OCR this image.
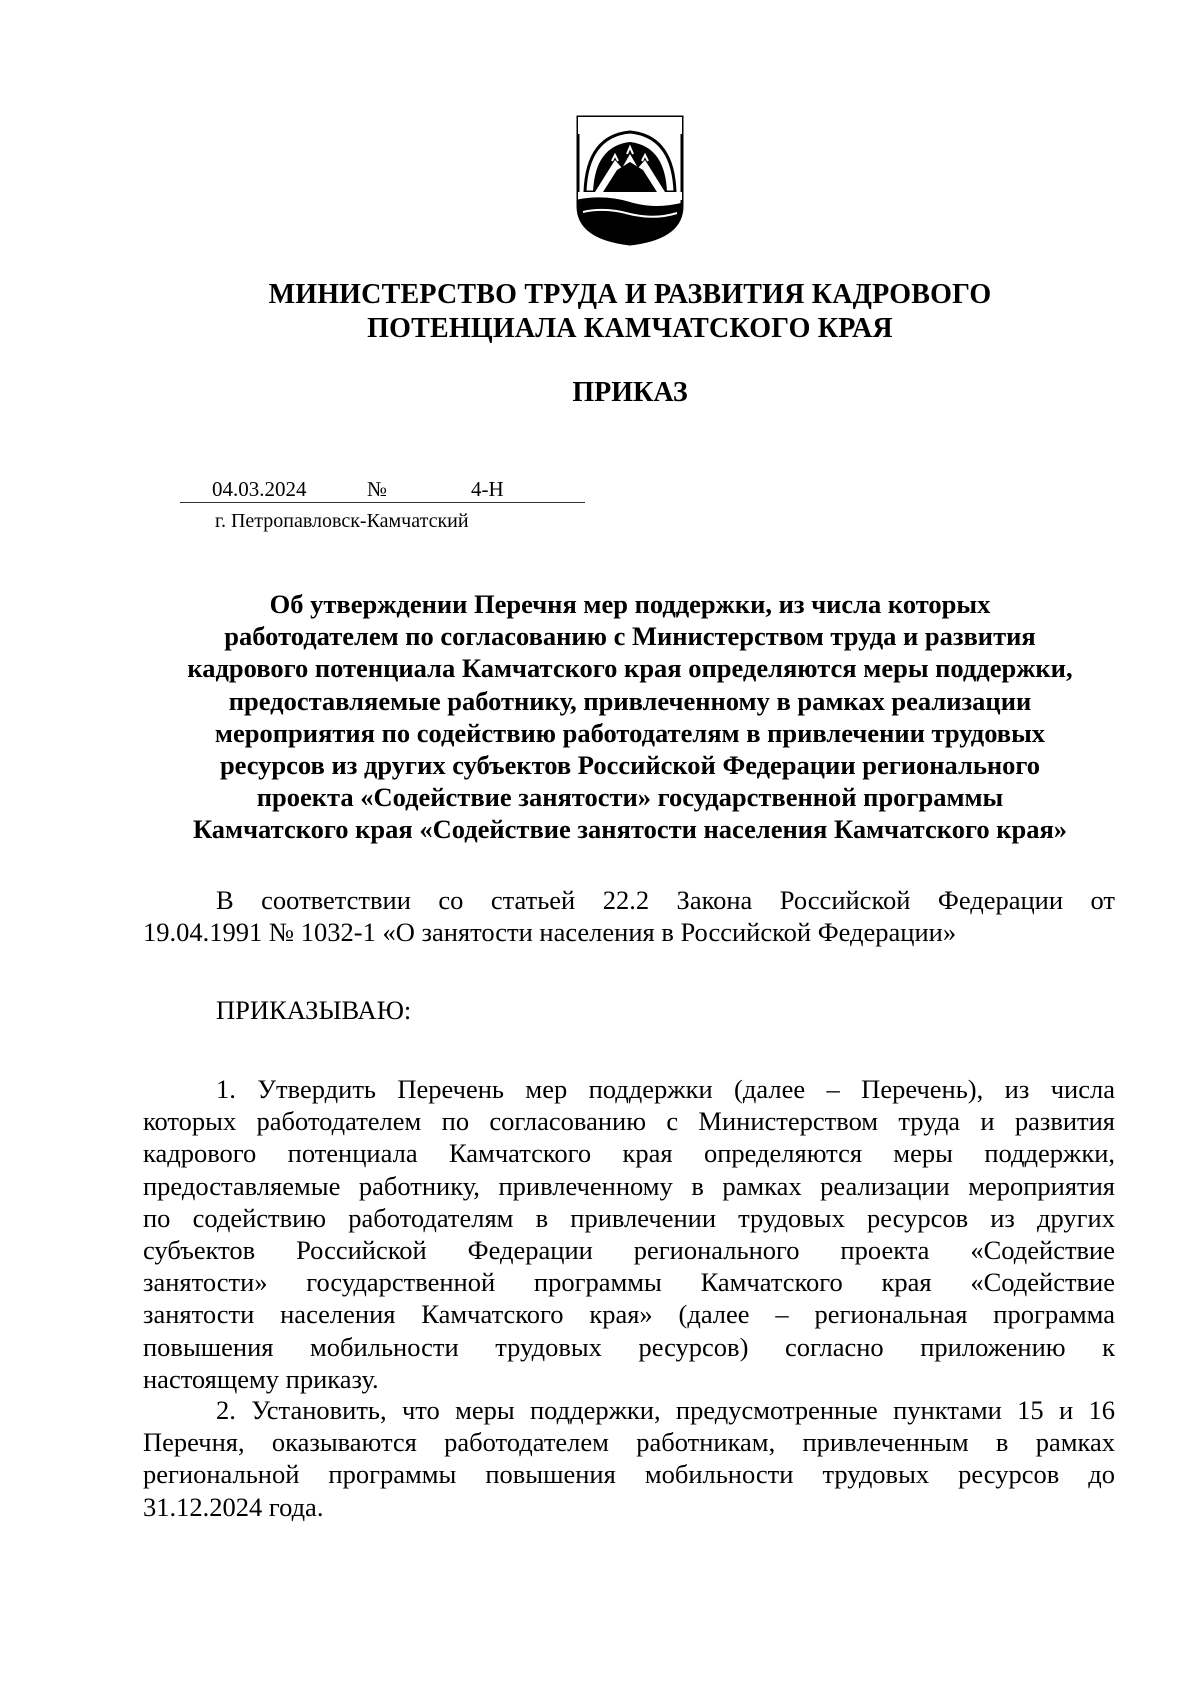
МИНИСТЕРСТВО ТРУДА И РАЗВИТИЯ КАДРОВОГО
ПОТЕНЦИАЛА КАМЧАТСКОГО КРАЯ
ПРИКАЗ
04.03.2024	№	4-Н
г. Петропавловск-Камчатский
Об утверждении Перечня мер поддержки, из числа которых
работодателем по согласованию с Министерством труда и развития
кадрового потенциала Камчатского края определяются меры поддержки,
предоставляемые работнику, привлеченному в рамках реализации
мероприятия по содействию работодателям в привлечении трудовых
ресурсов из других субъектов Российской Федерации регионального
проекта «Содействие занятости» государственной программы
Камчатского края «Содействие занятости населения Камчатского края»
В соответствии со статьей 22.2 Закона Российской Федерации от
19.04.1991 № 1032-1 «О занятости населения в Российской Федерации»
ПРИКАЗЫВАЮ:
1. Утвердить Перечень мер поддержки (далее – Перечень), из числа
которых работодателем по согласованию с Министерством труда и развития
кадрового потенциала Камчатского края определяются меры поддержки,
предоставляемые работнику, привлеченному в рамках реализации мероприятия
по содействию работодателям в привлечении трудовых ресурсов из других
субъектов Российской Федерации регионального проекта «Содействие
занятости» государственной программы Камчатского края «Содействие
занятости населения Камчатского края» (далее – региональная программа
повышения мобильности трудовых ресурсов) согласно приложению к
настоящему приказу.
2. Установить, что меры поддержки, предусмотренные пунктами 15 и 16
Перечня, оказываются работодателем работникам, привлеченным в рамках
региональной программы повышения мобильности трудовых ресурсов до
31.12.2024 года.
